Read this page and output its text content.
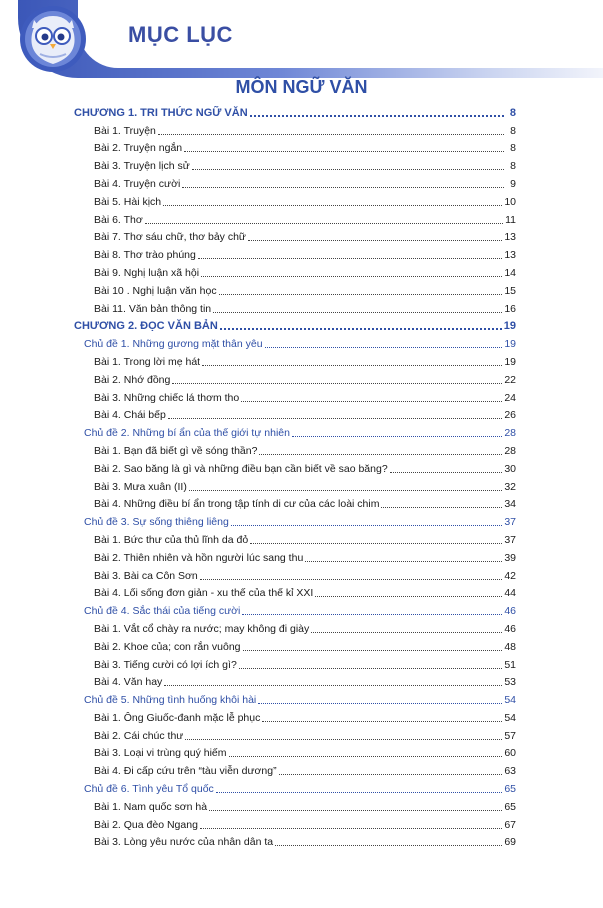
MỤC LỤC
MÔN NGỮ VĂN
CHƯƠNG 1. TRI THỨC NGỮ VĂN	8
Bài 1. Truyện	8
Bài 2. Truyện ngắn	8
Bài 3. Truyện lịch sử	8
Bài 4. Truyện cười	9
Bài 5. Hài kịch	10
Bài 6. Thơ	11
Bài 7. Thơ sáu chữ, thơ bảy chữ	13
Bài 8. Thơ trào phúng	13
Bài 9. Nghị luận xã hội	14
Bài 10 . Nghị luận văn học	15
Bài 11. Văn bản thông tin	16
CHƯƠNG 2. ĐỌC VĂN BẢN	19
Chủ đề 1. Những gương mặt thân yêu	19
Bài 1. Trong lời mẹ hát	19
Bài 2. Nhớ đồng	22
Bài 3. Những chiếc lá thơm tho	24
Bài 4. Chái bếp	26
Chủ đề 2. Những bí ẩn của thế giới tự nhiên	28
Bài 1. Bạn đã biết gì về sóng thần?	28
Bài 2. Sao băng là gì và những điều bạn cần biết về sao băng?	30
Bài 3. Mưa xuân (II)	32
Bài 4. Những điều bí ẩn trong tập tính di cư của các loài chim	34
Chủ đề 3. Sự sống thiêng liêng	37
Bài 1. Bức thư của thủ lĩnh da đỏ	37
Bài 2. Thiên nhiên và hồn người lúc sang thu	39
Bài 3. Bài ca Côn Sơn	42
Bài 4. Lối sống đơn giản - xu thế của thế kỉ XXI	44
Chủ đề 4. Sắc thái của tiếng cười	46
Bài 1. Vắt cổ chày ra nước; may không đi giày	46
Bài 2. Khoe của; con rắn vuông	48
Bài 3. Tiếng cười có lợi ích gì?	51
Bài 4. Văn hay	53
Chủ đề 5. Những tình huống khôi hài	54
Bài 1. Ông Giuốc-đanh mặc lễ phục	54
Bài 2. Cái chúc thư	57
Bài 3. Loại vi trùng quý hiếm	60
Bài 4. Đi cấp cứu trên “tàu viễn dương”	63
Chủ đề 6. Tình yêu Tổ quốc	65
Bài 1. Nam quốc sơn hà	65
Bài 2. Qua đèo Ngang	67
Bài 3. Lòng yêu nước của nhân dân ta	69
